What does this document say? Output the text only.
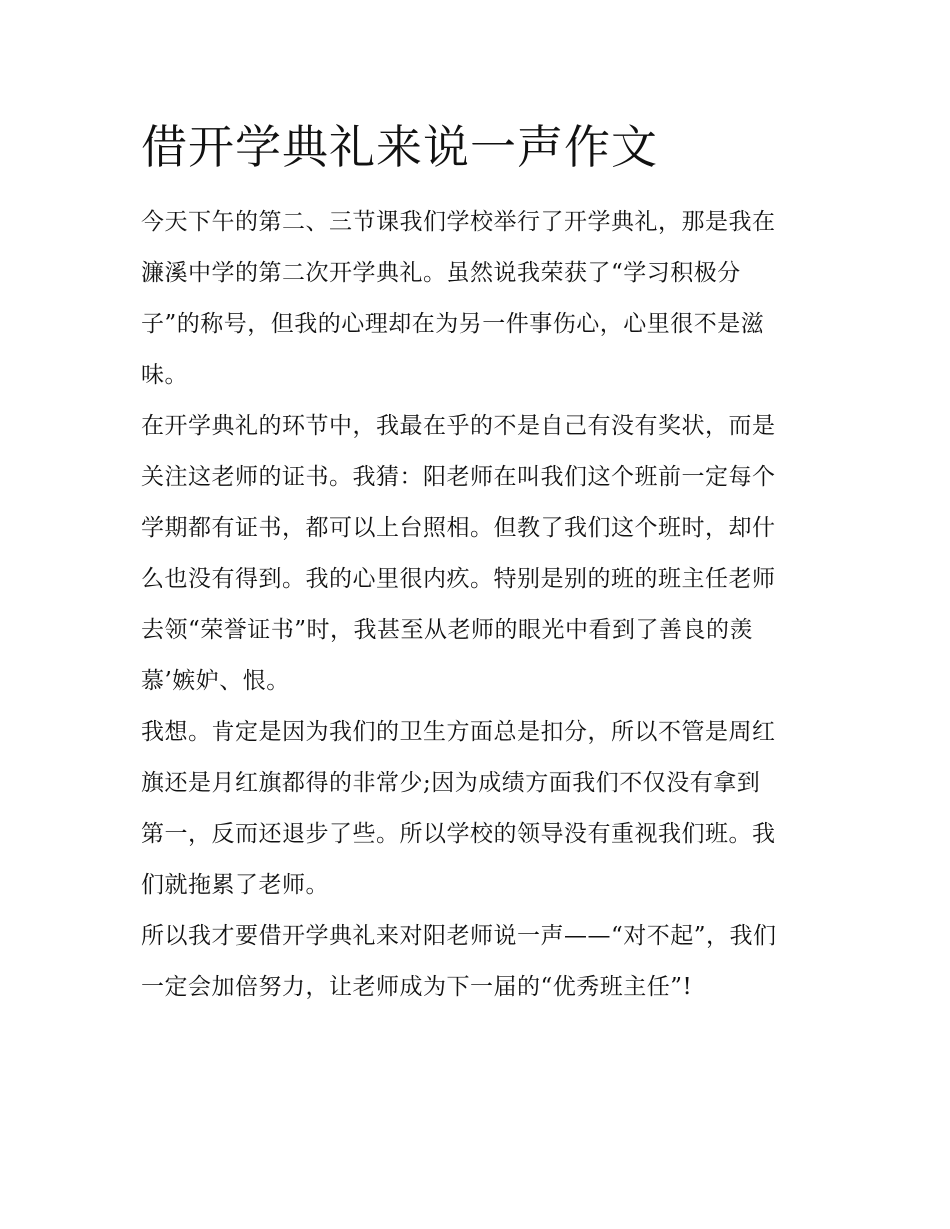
借开学典礼来说一声作文

今天下午的第二、三节课我们学校举行了开学典礼，那是我在

濂溪中学的第二次开学典礼。虽然说我荣获了“学习积极分

子”的称号，但我的心理却在为另一件事伤心，心里很不是滋

味。

在开学典礼的环节中，我最在乎的不是自己有没有奖状，而是

关注这老师的证书。我猜：阳老师在叫我们这个班前一定每个

学期都有证书，都可以上台照相。但教了我们这个班时，却什

么也没有得到。我的心里很内疚。特别是别的班的班主任老师

去领“荣誉证书”时，我甚至从老师的眼光中看到了善良的羡

慕’嫉妒、恨。

我想。肯定是因为我们的卫生方面总是扣分，所以不管是周红

旗还是月红旗都得的非常少;因为成绩方面我们不仅没有拿到

第一，反而还退步了些。所以学校的领导没有重视我们班。我

们就拖累了老师。

所以我才要借开学典礼来对阳老师说一声——“对不起”，我们

一定会加倍努力，让老师成为下一届的“优秀班主任”!
